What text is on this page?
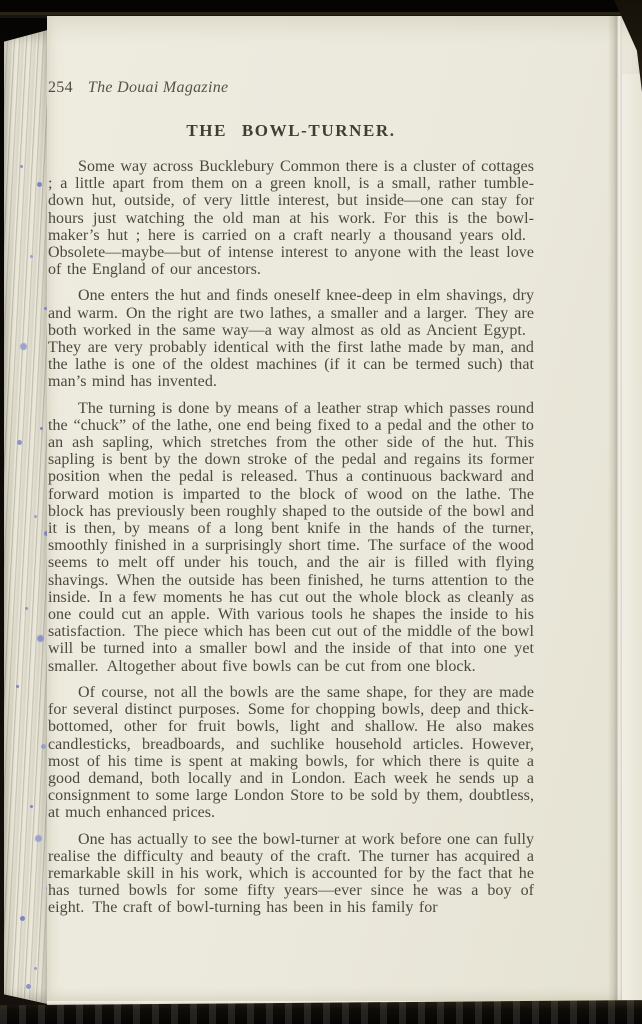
254 The Douai Magazine
THE BOWL-TURNER.

Some way across Bucklebury Common there is a cluster of cottages ; a little apart from them on a green knoll, is a small, rather tumble-down hut, outside, of very little interest, but inside—one can stay for hours just watching the old man at his work. For this is the bowl-maker’s hut ; here is carried on a craft nearly a thousand years old. Obsolete—maybe—but of intense interest to anyone with the least love of the England of our ancestors.

One enters the hut and finds oneself knee-deep in elm shavings, dry and warm. On the right are two lathes, a smaller and a larger. They are both worked in the same way—a way almost as old as Ancient Egypt. They are very probably identical with the first lathe made by man, and the lathe is one of the oldest machines (if it can be termed such) that man’s mind has invented.

The turning is done by means of a leather strap which passes round the “chuck” of the lathe, one end being fixed to a pedal and the other to an ash sapling, which stretches from the other side of the hut. This sapling is bent by the down stroke of the pedal and regains its former position when the pedal is released. Thus a continuous backward and forward motion is imparted to the block of wood on the lathe. The block has previously been roughly shaped to the outside of the bowl and it is then, by means of a long bent knife in the hands of the turner, smoothly finished in a surprisingly short time. The surface of the wood seems to melt off under his touch, and the air is filled with flying shavings. When the outside has been finished, he turns attention to the inside. In a few moments he has cut out the whole block as cleanly as one could cut an apple. With various tools he shapes the inside to his satisfaction. The piece which has been cut out of the middle of the bowl will be turned into a smaller bowl and the inside of that into one yet smaller. Altogether about five bowls can be cut from one block.

Of course, not all the bowls are the same shape, for they are made for several distinct purposes. Some for chopping bowls, deep and thick-bottomed, other for fruit bowls, light and shallow. He also makes candlesticks, breadboards, and suchlike household articles. However, most of his time is spent at making bowls, for which there is quite a good demand, both locally and in London. Each week he sends up a consignment to some large London Store to be sold by them, doubtless, at much enhanced prices.

One has actually to see the bowl-turner at work before one can fully realise the difficulty and beauty of the craft. The turner has acquired a remarkable skill in his work, which is accounted for by the fact that he has turned bowls for some fifty years—ever since he was a boy of eight. The craft of bowl-turning has been in his family for
